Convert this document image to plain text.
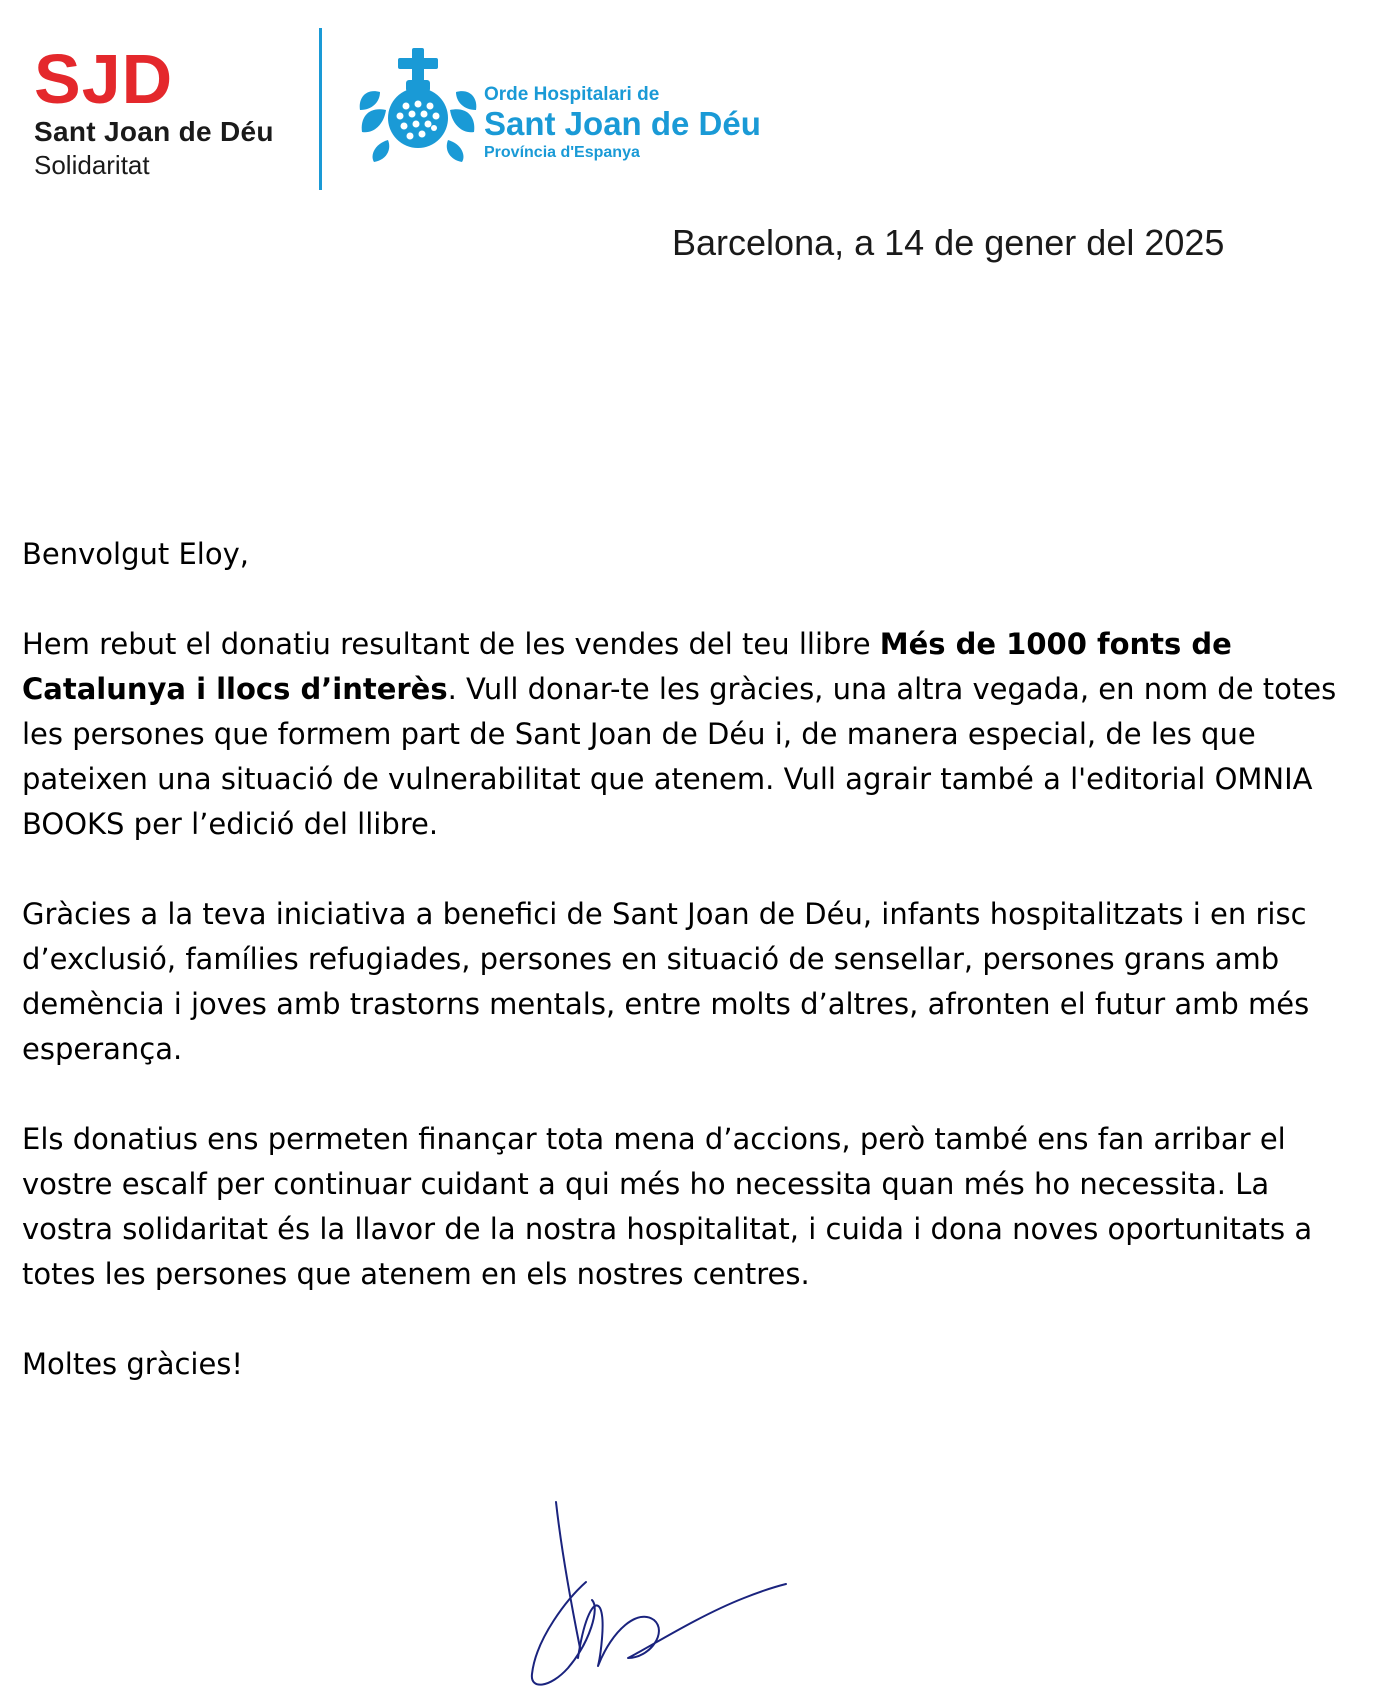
SJD
Sant Joan de Déu
Solidaritat
Orde Hospitalari de
Sant Joan de Déu
Província d'Espanya
Barcelona, a 14 de gener del 2025

Benvolgut Eloy,

Hem rebut el donatiu resultant de les vendes del teu llibre Més de 1000 fonts de Catalunya i llocs d’interès. Vull donar-te les gràcies, una altra vegada, en nom de totes les persones que formem part de Sant Joan de Déu i, de manera especial, de les que pateixen una situació de vulnerabilitat que atenem. Vull agrair també a l'editorial OMNIA BOOKS per l’edició del llibre.

Gràcies a la teva iniciativa a benefici de Sant Joan de Déu, infants hospitalitzats i en risc d’exclusió, famílies refugiades, persones en situació de sensellar, persones grans amb demència i joves amb trastorns mentals, entre molts d’altres, afronten el futur amb més esperança.

Els donatius ens permeten finançar tota mena d’accions, però també ens fan arribar el vostre escalf per continuar cuidant a qui més ho necessita quan més ho necessita. La vostra solidaritat és la llavor de la nostra hospitalitat, i cuida i dona noves oportunitats a totes les persones que atenem en els nostres centres.

Moltes gràcies!
